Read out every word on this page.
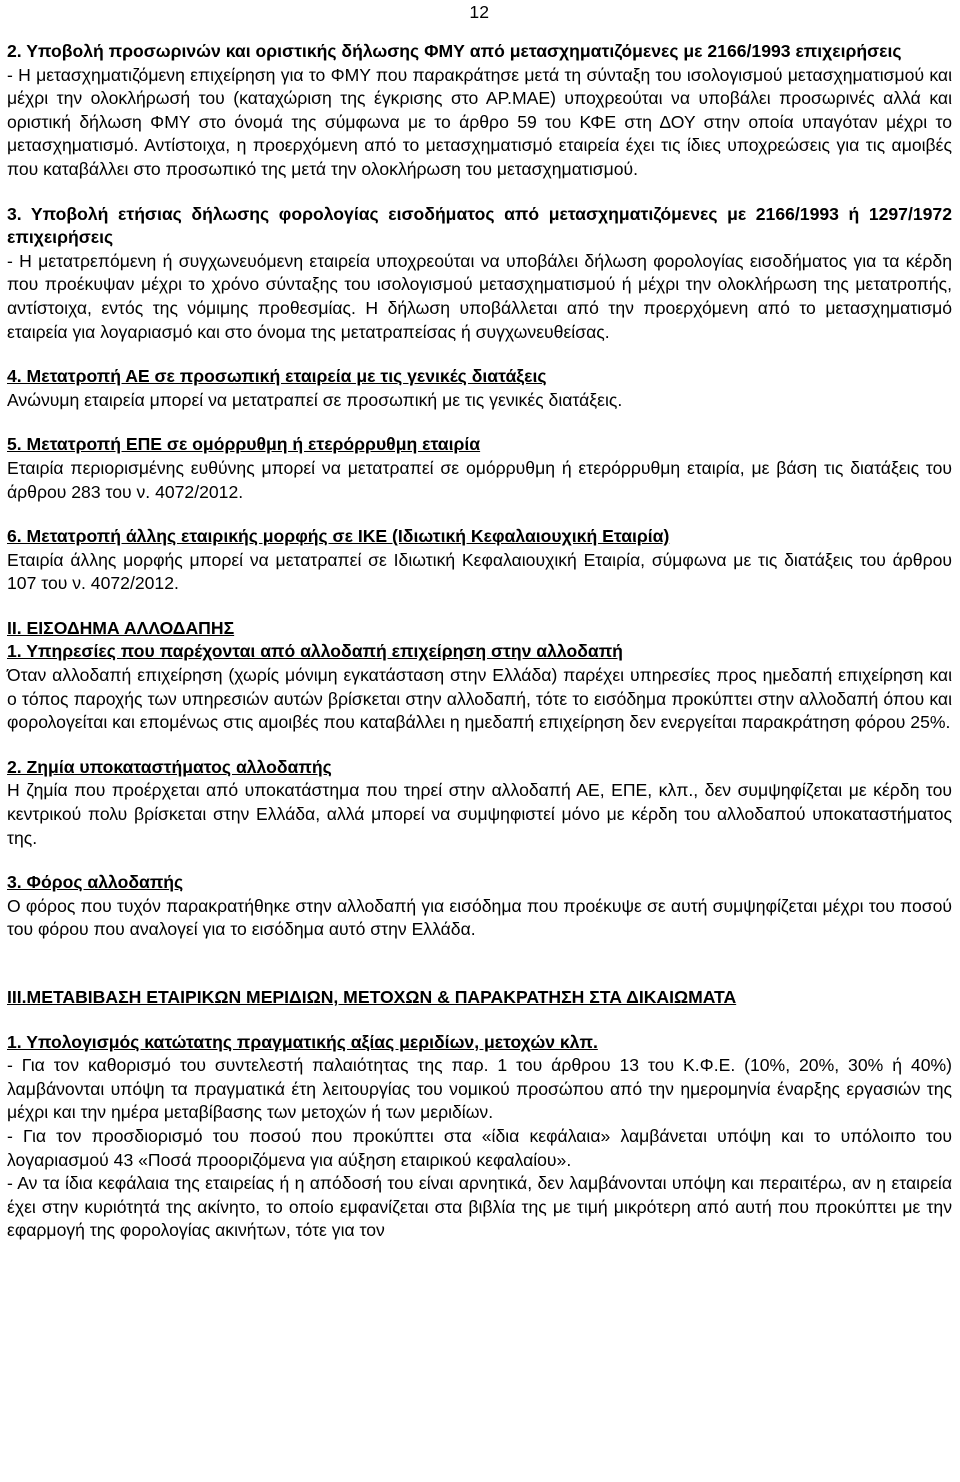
12

2. Υποβολή προσωρινών και οριστικής δήλωσης ΦΜΥ από μετασχηματιζόμενες με 2166/1993 επιχειρήσεις

- Η μετασχηματιζόμενη επιχείρηση για το ΦΜΥ που παρακράτησε μετά τη σύνταξη του ισολογισμού μετασχηματισμού και μέχρι την ολοκλήρωσή του (καταχώριση της έγκρισης στο ΑΡ.ΜΑΕ) υποχρεούται να υποβάλει προσωρινές αλλά και οριστική δήλωση ΦΜΥ στο όνομά της σύμφωνα με το άρθρο 59 του ΚΦΕ στη ΔΟΥ στην οποία υπαγόταν μέχρι το μετασχηματισμό. Αντίστοιχα, η προερχόμενη από το μετασχηματισμό εταιρεία έχει τις ίδιες υποχρεώσεις για τις αμοιβές που καταβάλλει στο προσωπικό της μετά την ολοκλήρωση του μετασχηματισμού.

3. Υποβολή ετήσιας δήλωσης φορολογίας εισοδήματος από μετασχηματιζόμενες με 2166/1993 ή 1297/1972 επιχειρήσεις

- Η μετατρεπόμενη ή συγχωνευόμενη εταιρεία υποχρεούται να υποβάλει δήλωση φορολογίας εισοδήματος για τα κέρδη που προέκυψαν μέχρι το χρόνο σύνταξης του ισολογισμού μετασχηματισμού ή μέχρι την ολοκλήρωση της μετατροπής, αντίστοιχα, εντός της νόμιμης προθεσμίας. Η δήλωση υποβάλλεται από την προερχόμενη από το μετασχηματισμό εταιρεία για λογαριασμό και στο όνομα της μετατραπείσας ή συγχωνευθείσας.

4. Μετατροπή ΑΕ σε προσωπική εταιρεία με τις γενικές διατάξεις

Ανώνυμη εταιρεία μπορεί να μετατραπεί σε προσωπική με τις γενικές διατάξεις.

5. Μετατροπή ΕΠΕ σε ομόρρυθμη ή ετερόρρυθμη εταιρία

Εταιρία περιορισμένης ευθύνης μπορεί να μετατραπεί σε ομόρρυθμη ή ετερόρρυθμη εταιρία, με βάση τις διατάξεις του άρθρου 283 του ν. 4072/2012.

6. Μετατροπή άλλης εταιρικής μορφής σε ΙΚΕ (Ιδιωτική Κεφαλαιουχική Εταιρία)

Εταιρία άλλης μορφής μπορεί να μετατραπεί σε Ιδιωτική Κεφαλαιουχική Εταιρία, σύμφωνα με τις διατάξεις του άρθρου 107 του ν. 4072/2012.

ΙΙ. ΕΙΣΟΔΗΜΑ ΑΛΛΟΔΑΠΗΣ

1. Υπηρεσίες που παρέχονται από αλλοδαπή επιχείρηση στην αλλοδαπή

Όταν αλλοδαπή επιχείρηση (χωρίς μόνιμη εγκατάσταση στην Ελλάδα) παρέχει υπηρεσίες προς ημεδαπή επιχείρηση και ο τόπος παροχής των υπηρεσιών αυτών βρίσκεται στην αλλοδαπή, τότε το εισόδημα προκύπτει στην αλλοδαπή όπου και φορολογείται και επομένως στις αμοιβές που καταβάλλει η ημεδαπή επιχείρηση δεν ενεργείται παρακράτηση φόρου 25%.

2. Ζημία υποκαταστήματος αλλοδαπής

Η ζημία που προέρχεται από υποκατάστημα που τηρεί στην αλλοδαπή ΑΕ, ΕΠΕ, κλπ., δεν συμψηφίζεται με κέρδη του κεντρικού πολυ βρίσκεται στην Ελλάδα, αλλά μπορεί να συμψηφιστεί μόνο με κέρδη του αλλοδαπού υποκαταστήματος της.

3. Φόρος αλλοδαπής

Ο φόρος που τυχόν παρακρατήθηκε στην αλλοδαπή για εισόδημα που προέκυψε σε αυτή συμψηφίζεται μέχρι του ποσού του φόρου που αναλογεί για το εισόδημα αυτό στην Ελλάδα.

ΙΙΙ.ΜΕΤΑΒΙΒΑΣΗ ΕΤΑΙΡΙΚΩΝ ΜΕΡΙΔΙΩΝ, ΜΕΤΟΧΩΝ & ΠΑΡΑΚΡΑΤΗΣΗ ΣΤΑ ΔΙΚΑΙΩΜΑΤΑ

1. Υπολογισμός κατώτατης πραγματικής αξίας μεριδίων, μετοχών κλπ.

- Για τον καθορισμό του συντελεστή παλαιότητας της παρ. 1 του άρθρου 13 του Κ.Φ.Ε. (10%, 20%, 30% ή 40%) λαμβάνονται υπόψη τα πραγματικά έτη λειτουργίας του νομικού προσώπου από την ημερομηνία έναρξης εργασιών της μέχρι και την ημέρα μεταβίβασης των μετοχών ή των μεριδίων.

- Για τον προσδιορισμό του ποσού που προκύπτει στα «ίδια κεφάλαια» λαμβάνεται υπόψη και το υπόλοιπο του λογαριασμού 43 «Ποσά προοριζόμενα για αύξηση εταιρικού κεφαλαίου».

- Αν τα ίδια κεφάλαια της εταιρείας ή η απόδοσή του είναι αρνητικά, δεν λαμβάνονται υπόψη και περαιτέρω, αν η εταιρεία έχει στην κυριότητά της ακίνητο, το οποίο εμφανίζεται στα βιβλία της με τιμή μικρότερη από αυτή που προκύπτει με την εφαρμογή της φορολογίας ακινήτων, τότε για τον
